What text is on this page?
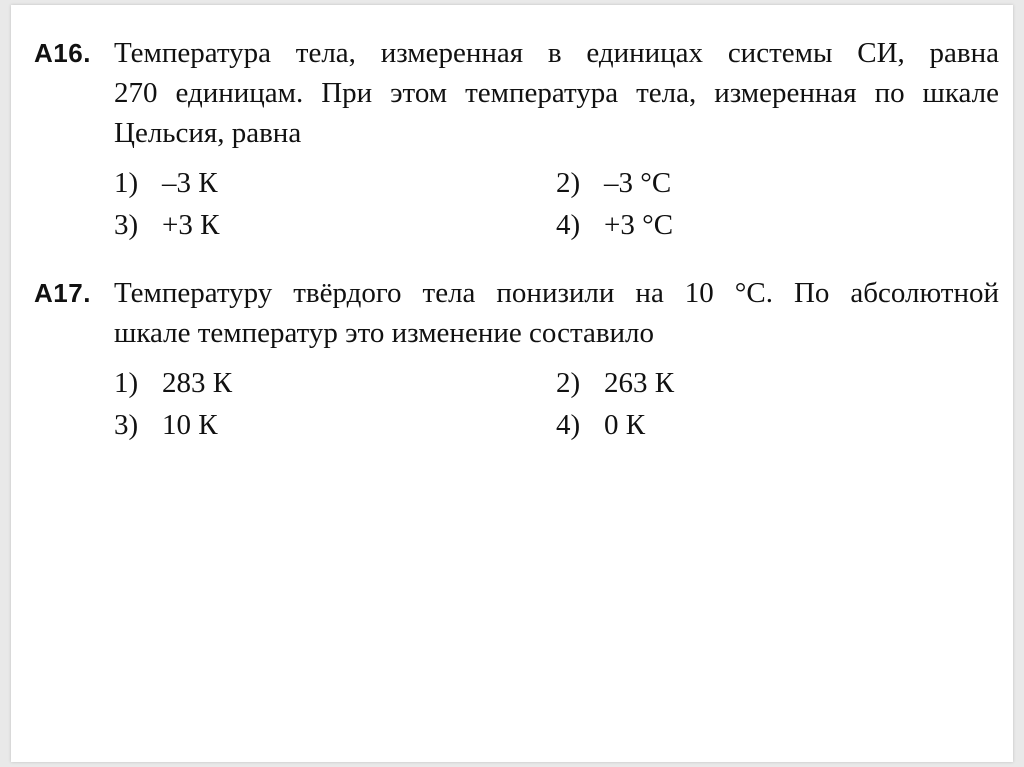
A16. Температура тела, измеренная в единицах системы СИ, равна
270 единицам. При этом температура тела, измеренная по шкале
Цельсия, равна
1) –3 К	2) –3 °С
3) +3 К	4) +3 °С
A17. Температуру твёрдого тела понизили на 10 °С. По абсолютной
шкале температур это изменение составило
1) 283 К	2) 263 К
3) 10 К	4) 0 К
